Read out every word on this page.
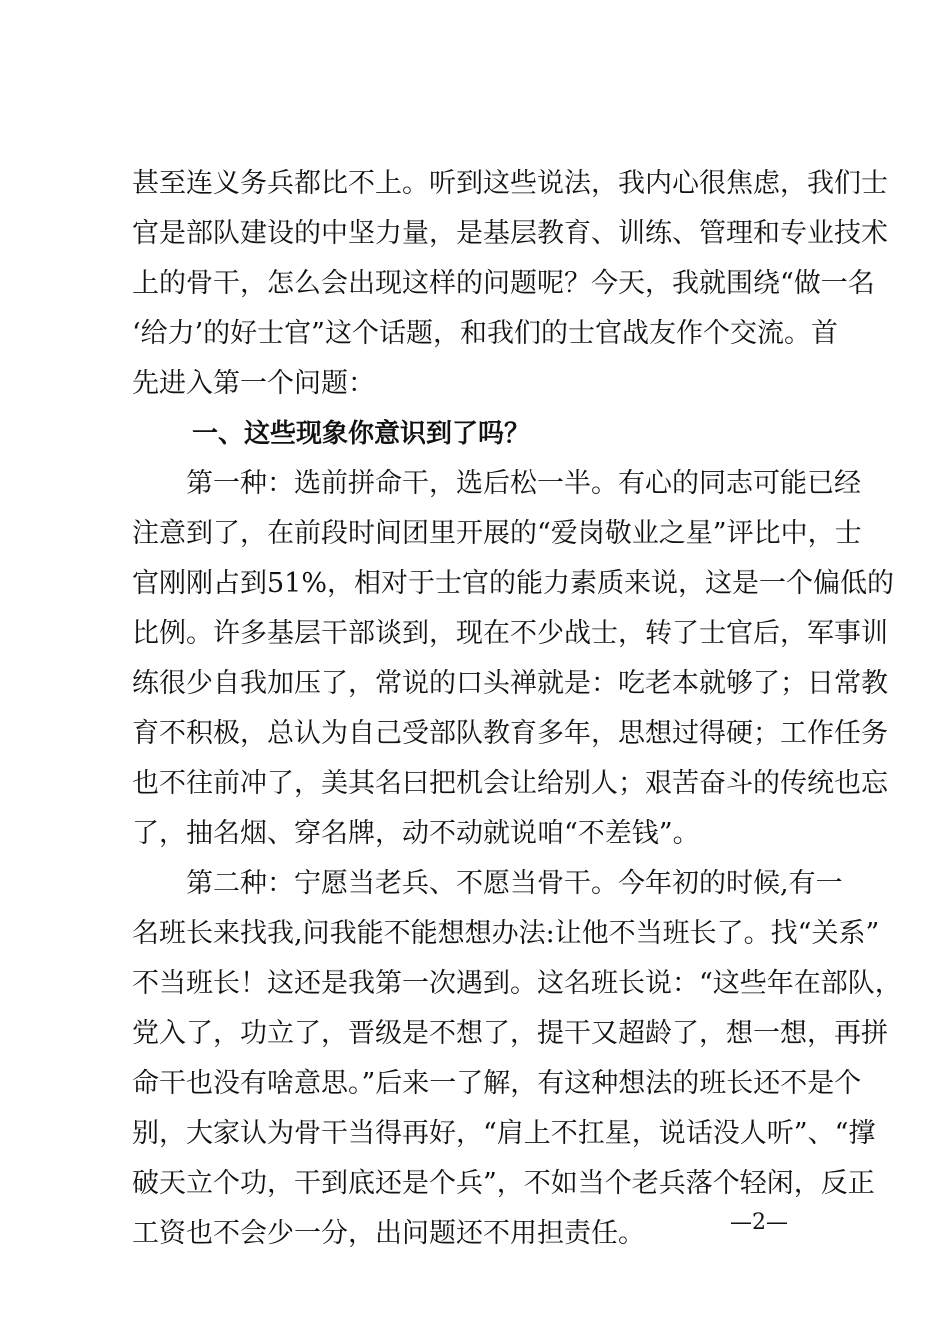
甚至连义务兵都比不上。听到这些说法，我内心很焦虑，我们士
官是部队建设的中坚力量，是基层教育、训练、管理和专业技术
上的骨干，怎么会出现这样的问题呢？今天，我就围绕“做一名
‘给力’的好士官”这个话题，和我们的士官战友作个交流。首
先进入第一个问题：
一、这些现象你意识到了吗？
　　第一种：选前拼命干，选后松一半。有心的同志可能已经
注意到了，在前段时间团里开展的“爱岗敬业之星”评比中，士
官刚刚占到51%，相对于士官的能力素质来说，这是一个偏低的
比例。许多基层干部谈到，现在不少战士，转了士官后，军事训
练很少自我加压了，常说的口头禅就是：吃老本就够了；日常教
育不积极，总认为自己受部队教育多年，思想过得硬；工作任务
也不往前冲了，美其名曰把机会让给别人；艰苦奋斗的传统也忘
了，抽名烟、穿名牌，动不动就说咱“不差钱”。
　　第二种：宁愿当老兵、不愿当骨干。今年初的时候,有一
名班长来找我,问我能不能想想办法:让他不当班长了。找“关系”
不当班长！这还是我第一次遇到。这名班长说：“这些年在部队，
党入了，功立了，晋级是不想了，提干又超龄了，想一想，再拼
命干也没有啥意思。”后来一了解，有这种想法的班长还不是个
别，大家认为骨干当得再好，“肩上不扛星，说话没人听”、“撑
破天立个功，干到底还是个兵”，不如当个老兵落个轻闲，反正
工资也不会少一分，出问题还不用担责任。	—2—
